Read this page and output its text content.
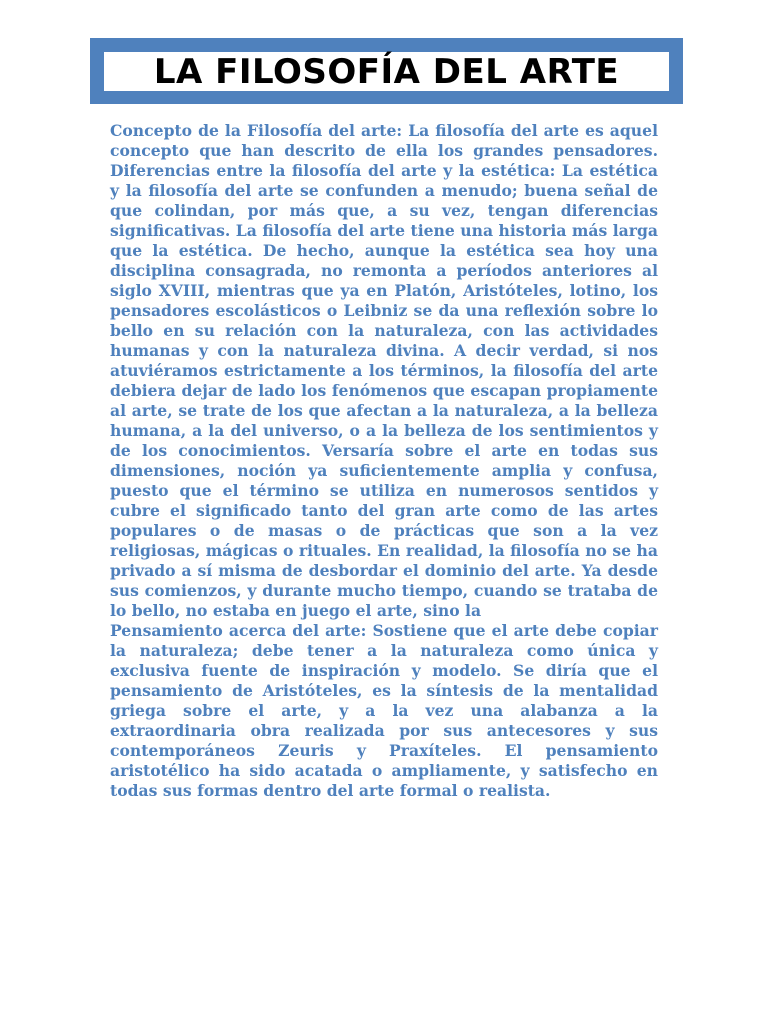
LA FILOSOFÍA DEL ARTE

Concepto de la Filosofía del arte: La filosofía del arte es aquel concepto que han descrito de ella los grandes pensadores. Diferencias entre la filosofía del arte y la estética: La estética y la filosofía del arte se confunden a menudo; buena señal de que colindan, por más que, a su vez, tengan diferencias significativas. La filosofía del arte tiene una historia más larga que la estética. De hecho, aunque la estética sea hoy una disciplina consagrada, no remonta a períodos anteriores al siglo XVIII, mientras que ya en Platón, Aristóteles, lotino, los pensadores escolásticos o Leibniz se da una reflexión sobre lo bello en su relación con la naturaleza, con las actividades humanas y con la naturaleza divina. A decir verdad, si nos atuviéramos estrictamente a los términos, la filosofía del arte debiera dejar de lado los fenómenos que escapan propiamente al arte, se trate de los que afectan a la naturaleza, a la belleza humana, a la del universo, o a la belleza de los sentimientos y de los conocimientos. Versaría sobre el arte en todas sus dimensiones, noción ya suficientemente amplia y confusa, puesto que el término se utiliza en numerosos sentidos y cubre el significado tanto del gran arte como de las artes populares o de masas o de prácticas que son a la vez religiosas, mágicas o rituales. En realidad, la filosofía no se ha privado a sí misma de desbordar el dominio del arte. Ya desde sus comienzos, y durante mucho tiempo, cuando se trataba de lo bello, no estaba en juego el arte, sino la

Pensamiento acerca del arte: Sostiene que el arte debe copiar la naturaleza; debe tener a la naturaleza como única y exclusiva fuente de inspiración y modelo. Se diría que el pensamiento de Aristóteles, es la síntesis de la mentalidad griega sobre el arte, y a la vez una alabanza a la extraordinaria obra realizada por sus antecesores y sus contemporáneos Zeuris y Praxíteles. El pensamiento aristotélico ha sido acatada o ampliamente, y satisfecho en todas sus formas dentro del arte formal o realista.
